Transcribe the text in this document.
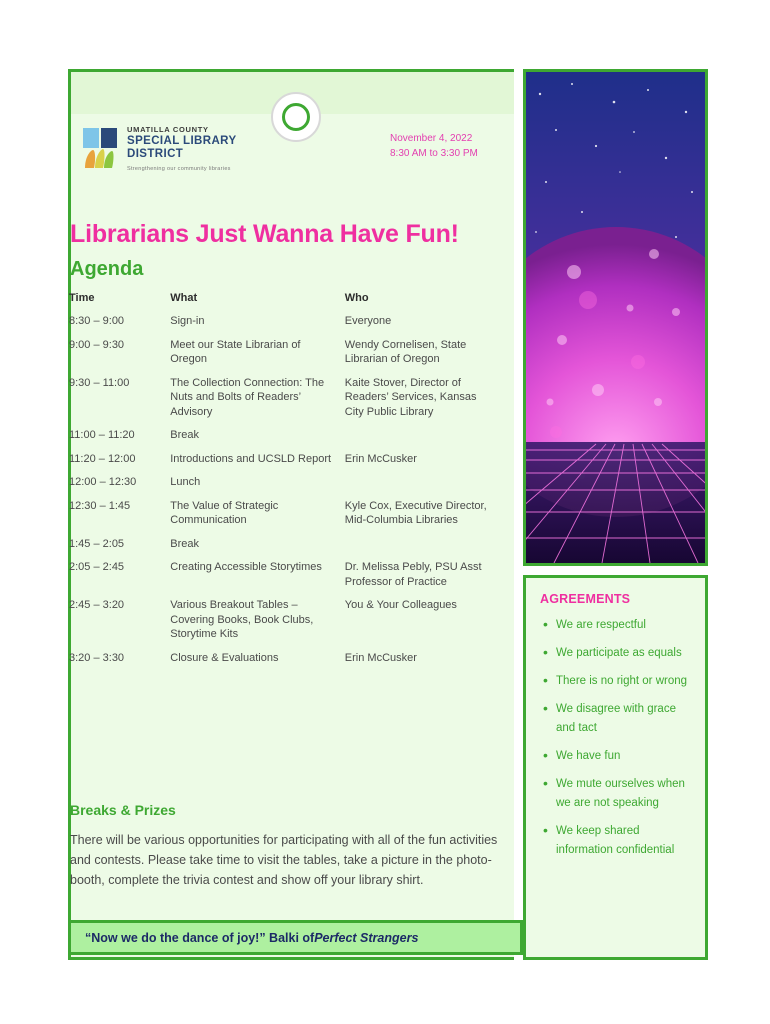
UMATILLA COUNTY
SPECIAL LIBRARY
DISTRICT
Strengthening our community libraries
November 4, 2022
8:30 AM to 3:30 PM
Librarians Just Wanna Have Fun!
Agenda
Time	What	Who
8:30 – 9:00	Sign-in	Everyone
9:00 – 9:30	Meet our State Librarian of Oregon	Wendy Cornelisen, State Librarian of Oregon
9:30 – 11:00	The Collection Connection: The Nuts and Bolts of Readers’ Advisory	Kaite Stover, Director of Readers’ Services, Kansas City Public Library
11:00 – 11:20	Break	
11:20 – 12:00	Introductions and UCSLD Report	Erin McCusker
12:00 – 12:30	Lunch	
12:30 – 1:45	The Value of Strategic Communication	Kyle Cox, Executive Director, Mid-Columbia Libraries
1:45 – 2:05	Break	
2:05 – 2:45	Creating Accessible Storytimes	Dr. Melissa Pebly, PSU Asst Professor of Practice
2:45 – 3:20	Various Breakout Tables – Covering Books, Book Clubs, Storytime Kits	You & Your Colleagues
3:20 – 3:30	Closure & Evaluations	Erin McCusker
Breaks & Prizes
There will be various opportunities for participating with all of the fun activities and contests. Please take time to visit the tables, take a picture in the photo-booth, complete the trivia contest and show off your library shirt.
“Now we do the dance of joy!” Balki of Perfect Strangers
AGREEMENTS
• We are respectful
• We participate as equals
• There is no right or wrong
• We disagree with grace and tact
• We have fun
• We mute ourselves when we are not speaking
• We keep shared information confidential
